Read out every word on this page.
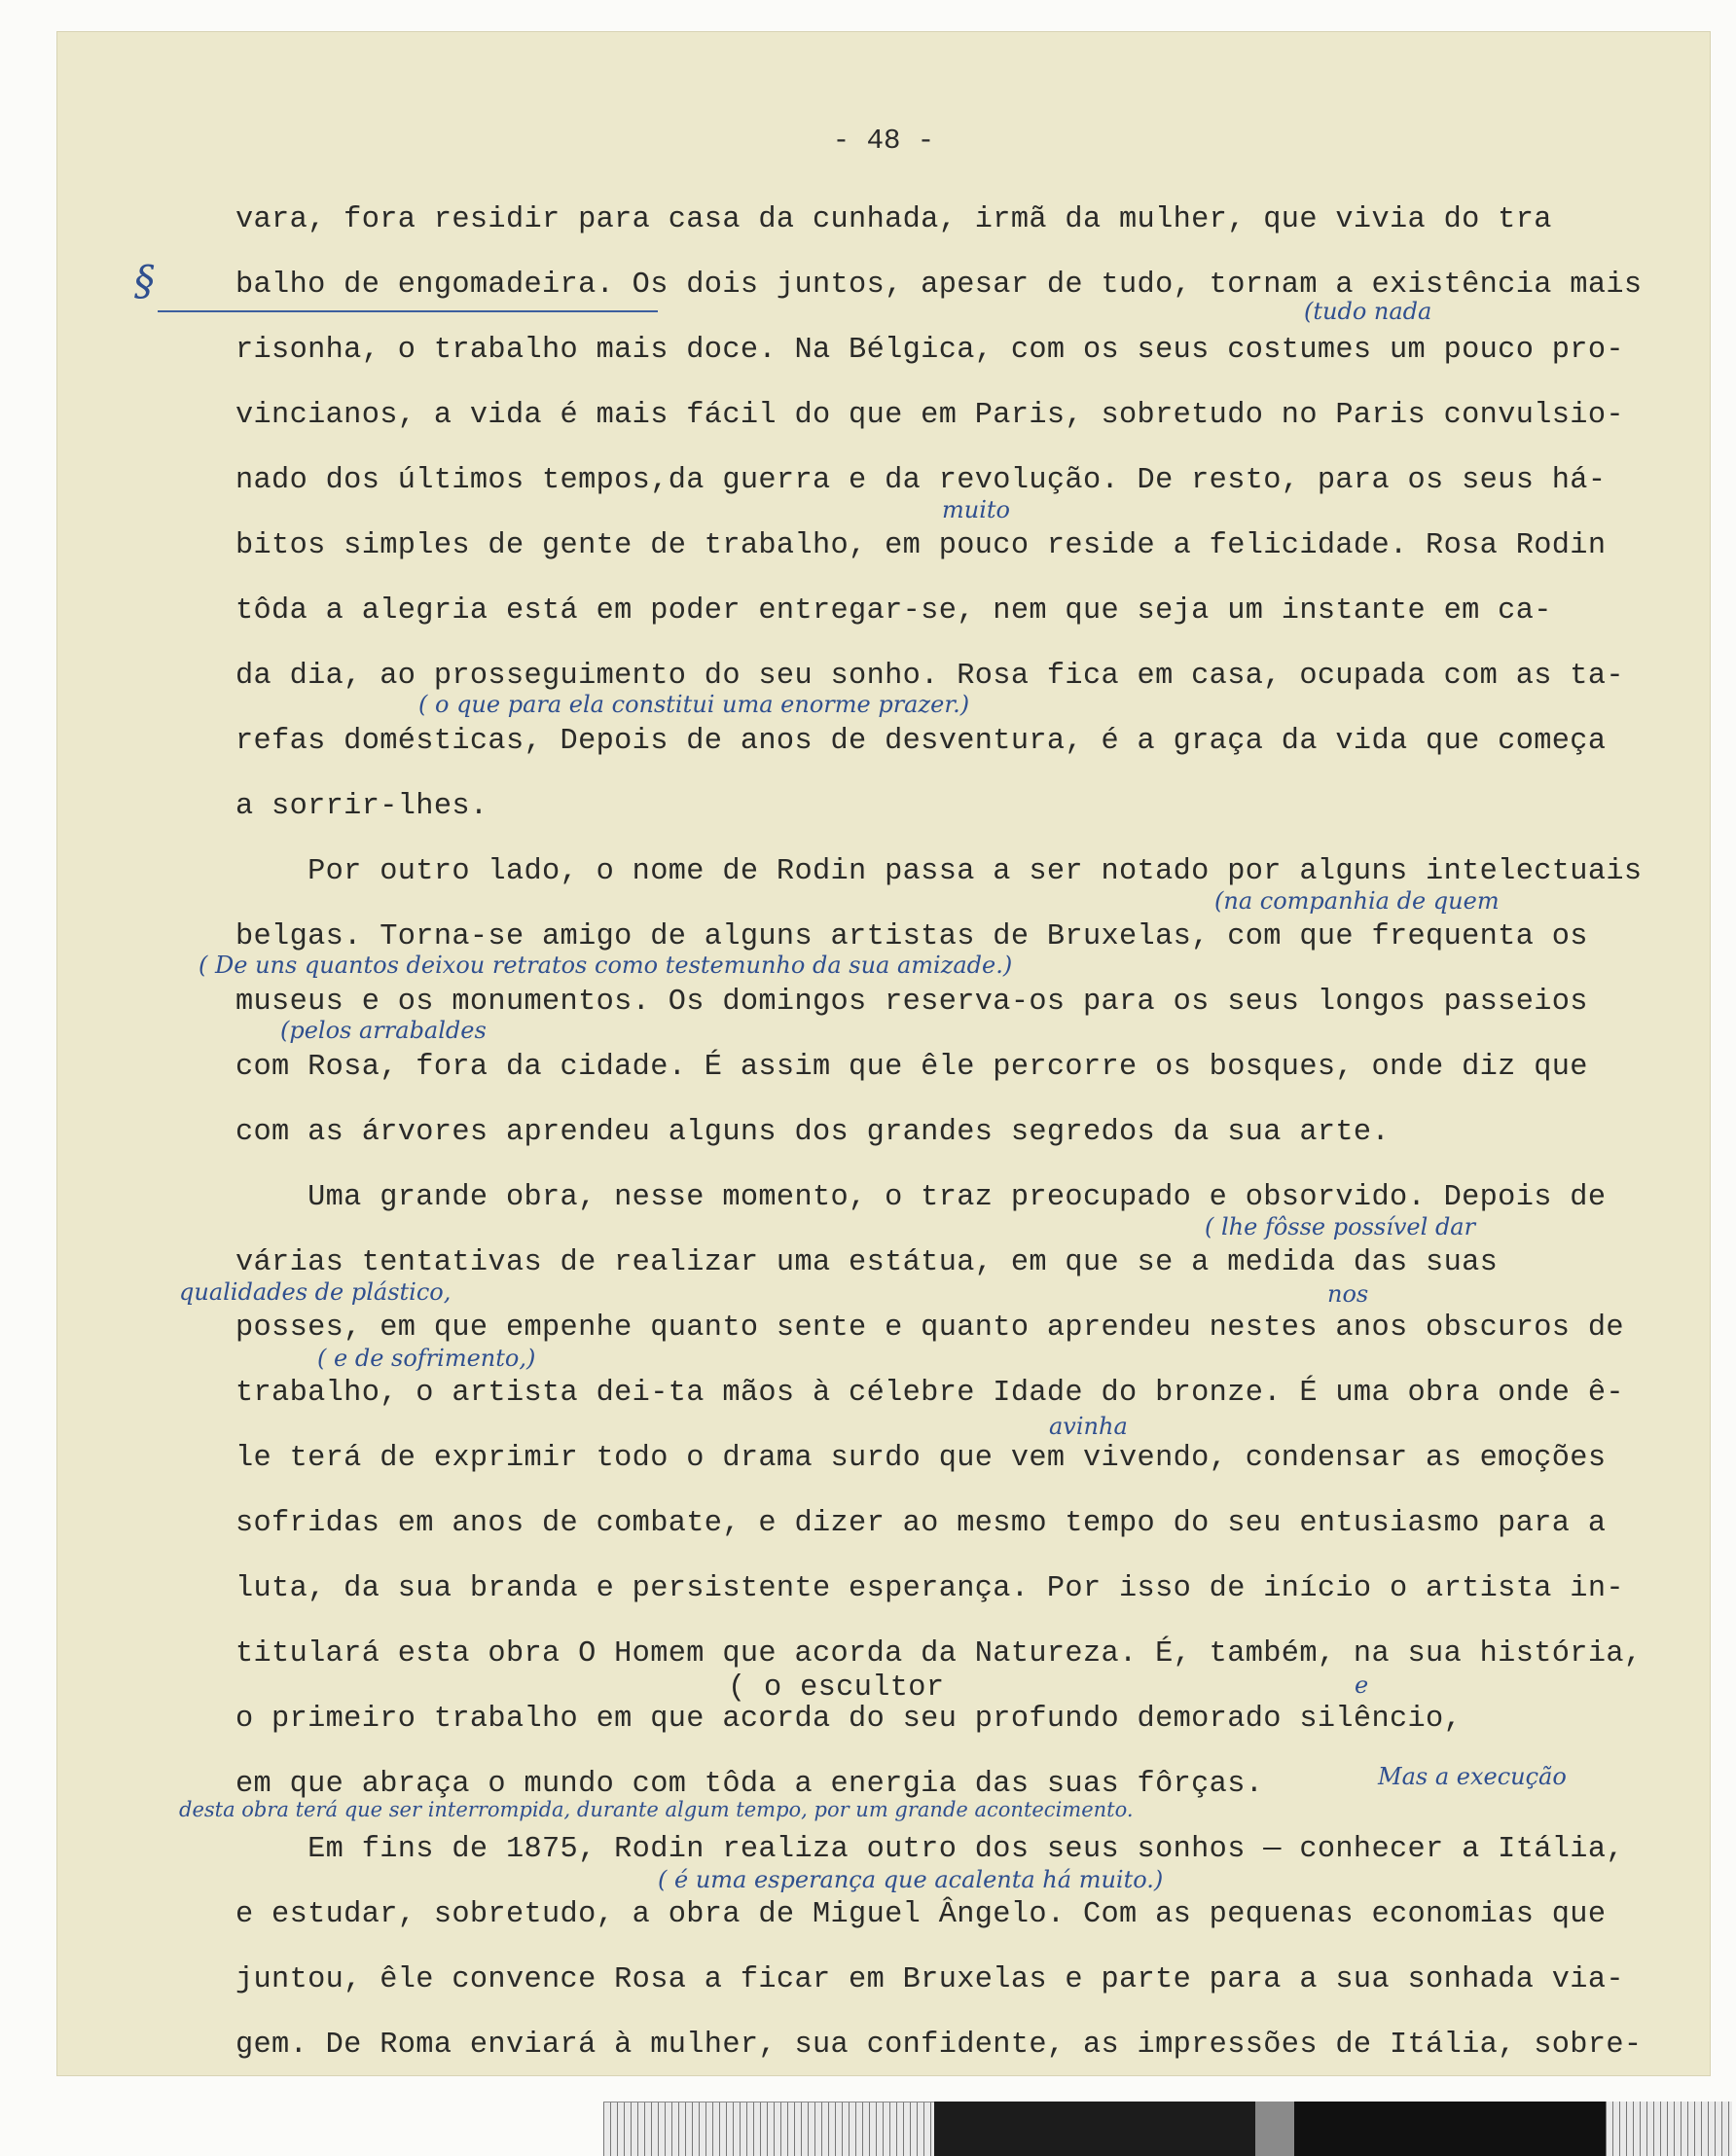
- 48 -
§
vara, fora residir para casa da cunhada, irmã da mulher, que vivia do tra
balho de engomadeira. Os dois juntos, apesar de tudo, tornam a existência mais
risonha, o trabalho mais doce. Na Bélgica, com os seus costumes um pouco pro-
vincianos, a vida é mais fácil do que em Paris, sobretudo no Paris convulsio-
nado dos últimos tempos,da guerra e da revolução. De resto, para os seus há-
bitos simples de gente de trabalho, em pouco reside a felicidade. Rosa Rodin
tôda a alegria está em poder entregar-se, nem que seja um instante em ca-
da dia, ao prosseguimento do seu sonho. Rosa fica em casa, ocupada com as ta-
refas domésticas, Depois de anos de desventura, é a graça da vida que começa
a sorrir-lhes.
Por outro lado, o nome de Rodin passa a ser notado por alguns intelectuais
belgas. Torna-se amigo de alguns artistas de Bruxelas, com que frequenta os
museus e os monumentos. Os domingos reserva-os para os seus longos passeios
com Rosa, fora da cidade. É assim que êle percorre os bosques, onde diz que
com as árvores aprendeu alguns dos grandes segredos da sua arte.
Uma grande obra, nesse momento, o traz preocupado e obsorvido. Depois de
várias tentativas de realizar uma estátua, em que se a medida das suas
posses, em que empenhe quanto sente e quanto aprendeu nestes anos obscuros de
trabalho, o artista dei-ta mãos à célebre Idade do bronze. É uma obra onde ê-
le terá de exprimir todo o drama surdo que vem vivendo, condensar as emoções
sofridas em anos de combate, e dizer ao mesmo tempo do seu entusiasmo para a
luta, da sua branda e persistente esperança. Por isso de início o artista in-
titulará esta obra O Homem que acorda da Natureza. É, também, na sua história,
o primeiro trabalho em que acorda do seu profundo demorado silêncio,
em que abraça o mundo com tôda a energia das suas fôrças.
Em fins de 1875, Rodin realiza outro dos seus sonhos — conhecer a Itália,
e estudar, sobretudo, a obra de Miguel Ângelo. Com as pequenas economias que
juntou, êle convence Rosa a ficar em Bruxelas e parte para a sua sonhada via-
gem. De Roma enviará à mulher, sua confidente, as impressões de Itália, sobre-
(tudo nada
muito
( o que para ela constitui uma enorme prazer.)
(na companhia de quem
( De uns quantos deixou retratos como testemunho da sua amizade.)
(pelos arrabaldes
( lhe fôsse possível dar
qualidades de plástico,	nos
( e de sofrimento,)
avinha
( o escultor	e
Mas a execução
desta obra terá que ser interrompida, durante algum tempo, por um grande acontecimento.
( é uma esperança que acalenta há muito.)
